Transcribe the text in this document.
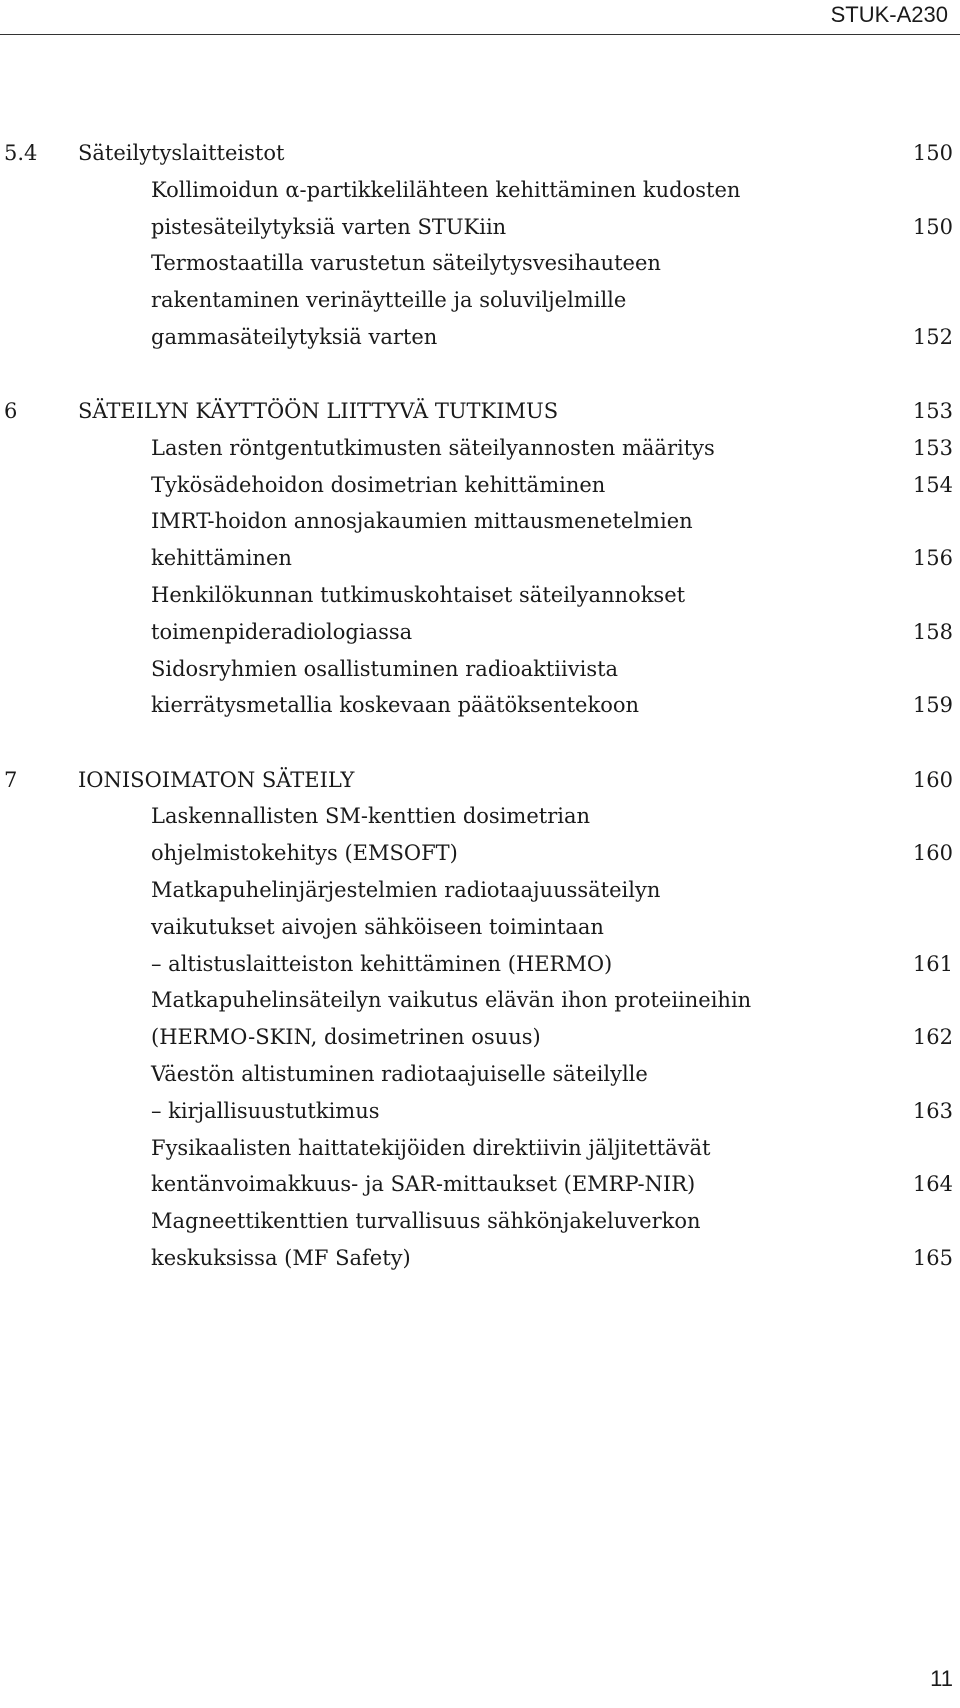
STUK-A230
5.4 Säteilytyslaitteistot	150
Kollimoidun α-partikkelilähteen kehittäminen kudosten
pistesäteilytyksiä varten STUKiin	150
Termostaatilla varustetun säteilytysvesihauteen
rakentaminen verinäytteille ja soluviljelmille
gammasäteilytyksiä varten	152
6	SÄTEILYN KÄYTTÖÖN LIITTYVÄ TUTKIMUS	153
Lasten röntgentutkimusten säteilyannosten määritys	153
Tykösädehoidon dosimetrian kehittäminen	154
IMRT-hoidon annosjakaumien mittausmenetelmien
kehittäminen	156
Henkilökunnan tutkimuskohtaiset säteilyannokset
toimenpideradiologiassa	158
Sidosryhmien osallistuminen radioaktiivista
kierrätysmetallia koskevaan päätöksentekoon	159
7	IONISOIMATON SÄTEILY	160
Laskennallisten SM-kenttien dosimetrian
ohjelmistokehitys (EMSOFT)	160
Matkapuhelinjärjestelmien radiotaajuussäteilyn
vaikutukset aivojen sähköiseen toimintaan
– altistuslaitteiston kehittäminen (HERMO)	161
Matkapuhelinsäteilyn vaikutus elävän ihon proteiineihin
(HERMO-SKIN, dosimetrinen osuus)	162
Väestön altistuminen radiotaajuiselle säteilylle
– kirjallisuustutkimus	163
Fysikaalisten haittatekijöiden direktiivin jäljitettävät
kentänvoimakkuus- ja SAR-mittaukset (EMRP-NIR)	164
Magneettikenttien turvallisuus sähkönjakeluverkon
keskuksissa (MF Safety)	165
11
